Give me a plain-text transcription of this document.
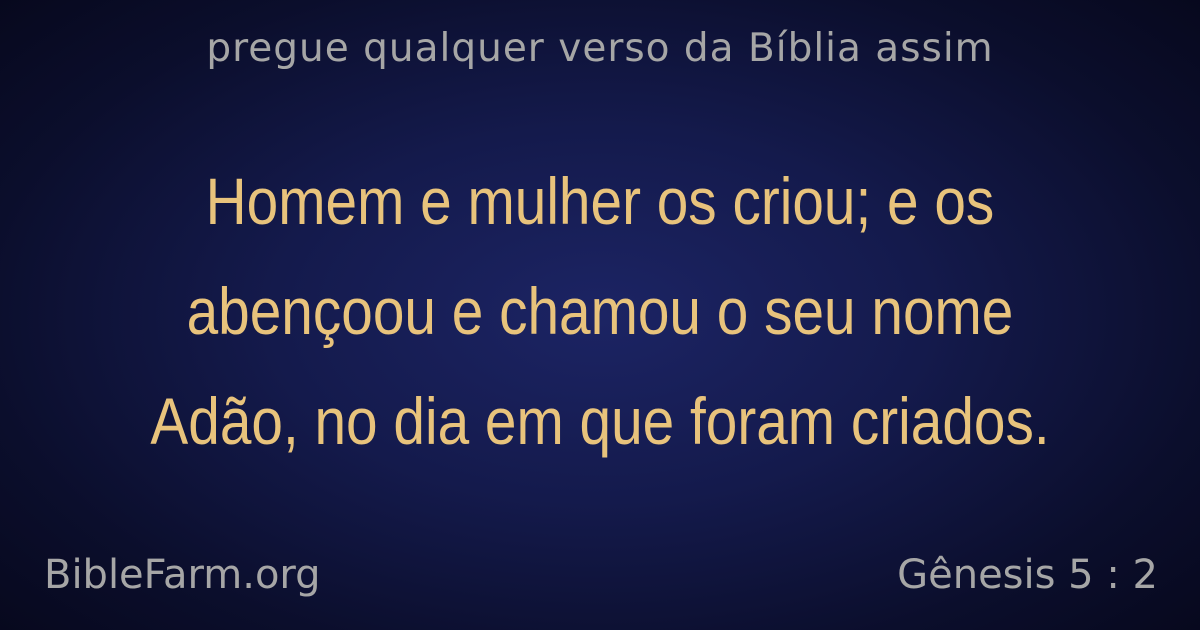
pregue qualquer verso da Bíblia assim
Homem e mulher os criou; e os
abençoou e chamou o seu nome
Adão, no dia em que foram criados.
BibleFarm.org	Gênesis 5 : 2
